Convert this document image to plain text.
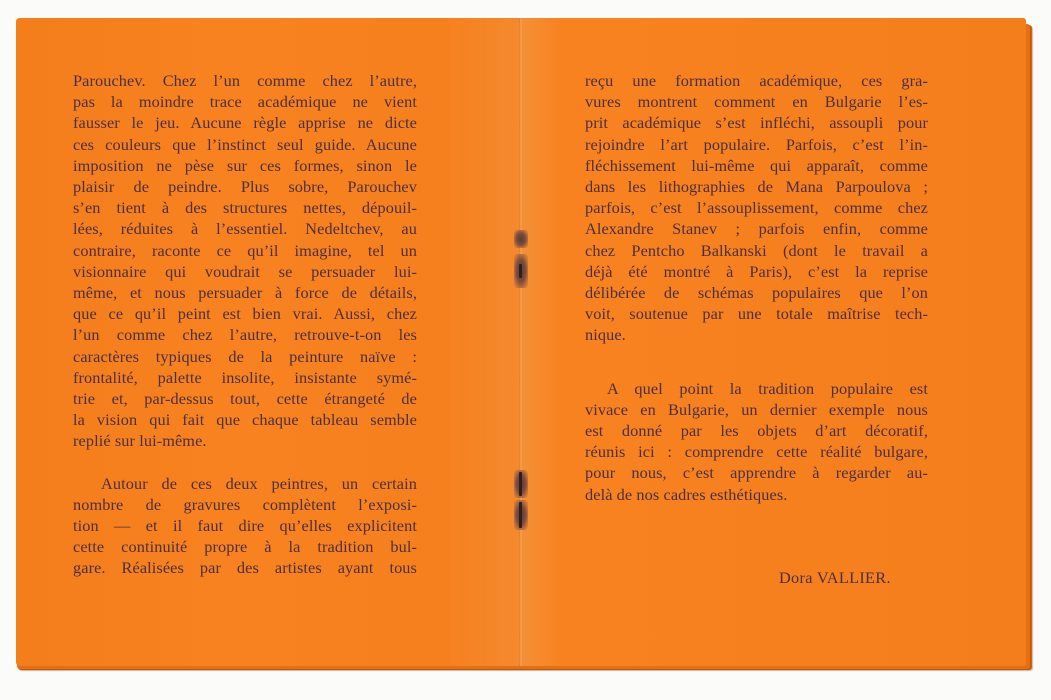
Parouchev. Chez l’un comme chez l’autre,
pas la moindre trace académique ne vient
fausser le jeu. Aucune règle apprise ne dicte
ces couleurs que l’instinct seul guide. Aucune
imposition ne pèse sur ces formes, sinon le
plaisir de peindre. Plus sobre, Parouchev
s’en tient à des structures nettes, dépouil-
lées, réduites à l’essentiel. Nedeltchev, au
contraire, raconte ce qu’il imagine, tel un
visionnaire qui voudrait se persuader lui-
même, et nous persuader à force de détails,
que ce qu’il peint est bien vrai. Aussi, chez
l’un comme chez l’autre, retrouve-t-on les
caractères typiques de la peinture naïve :
frontalité, palette insolite, insistante symé-
trie et, par-dessus tout, cette étrangeté de
la vision qui fait que chaque tableau semble
replié sur lui-même.
Autour de ces deux peintres, un certain
nombre de gravures complètent l’exposi-
tion — et il faut dire qu’elles explicitent
cette continuité propre à la tradition bul-
gare. Réalisées par des artistes ayant tous
reçu une formation académique, ces gra-
vures montrent comment en Bulgarie l’es-
prit académique s’est infléchi, assoupli pour
rejoindre l’art populaire. Parfois, c’est l’in-
fléchissement lui-même qui apparaît, comme
dans les lithographies de Mana Parpoulova ;
parfois, c’est l’assouplissement, comme chez
Alexandre Stanev ; parfois enfin, comme
chez Pentcho Balkanski (dont le travail a
déjà été montré à Paris), c’est la reprise
délibérée de schémas populaires que l’on
voit, soutenue par une totale maîtrise tech-
nique.
A quel point la tradition populaire est
vivace en Bulgarie, un dernier exemple nous
est donné par les objets d’art décoratif,
réunis ici : comprendre cette réalité bulgare,
pour nous, c’est apprendre à regarder au-
delà de nos cadres esthétiques.
Dora VALLIER.
